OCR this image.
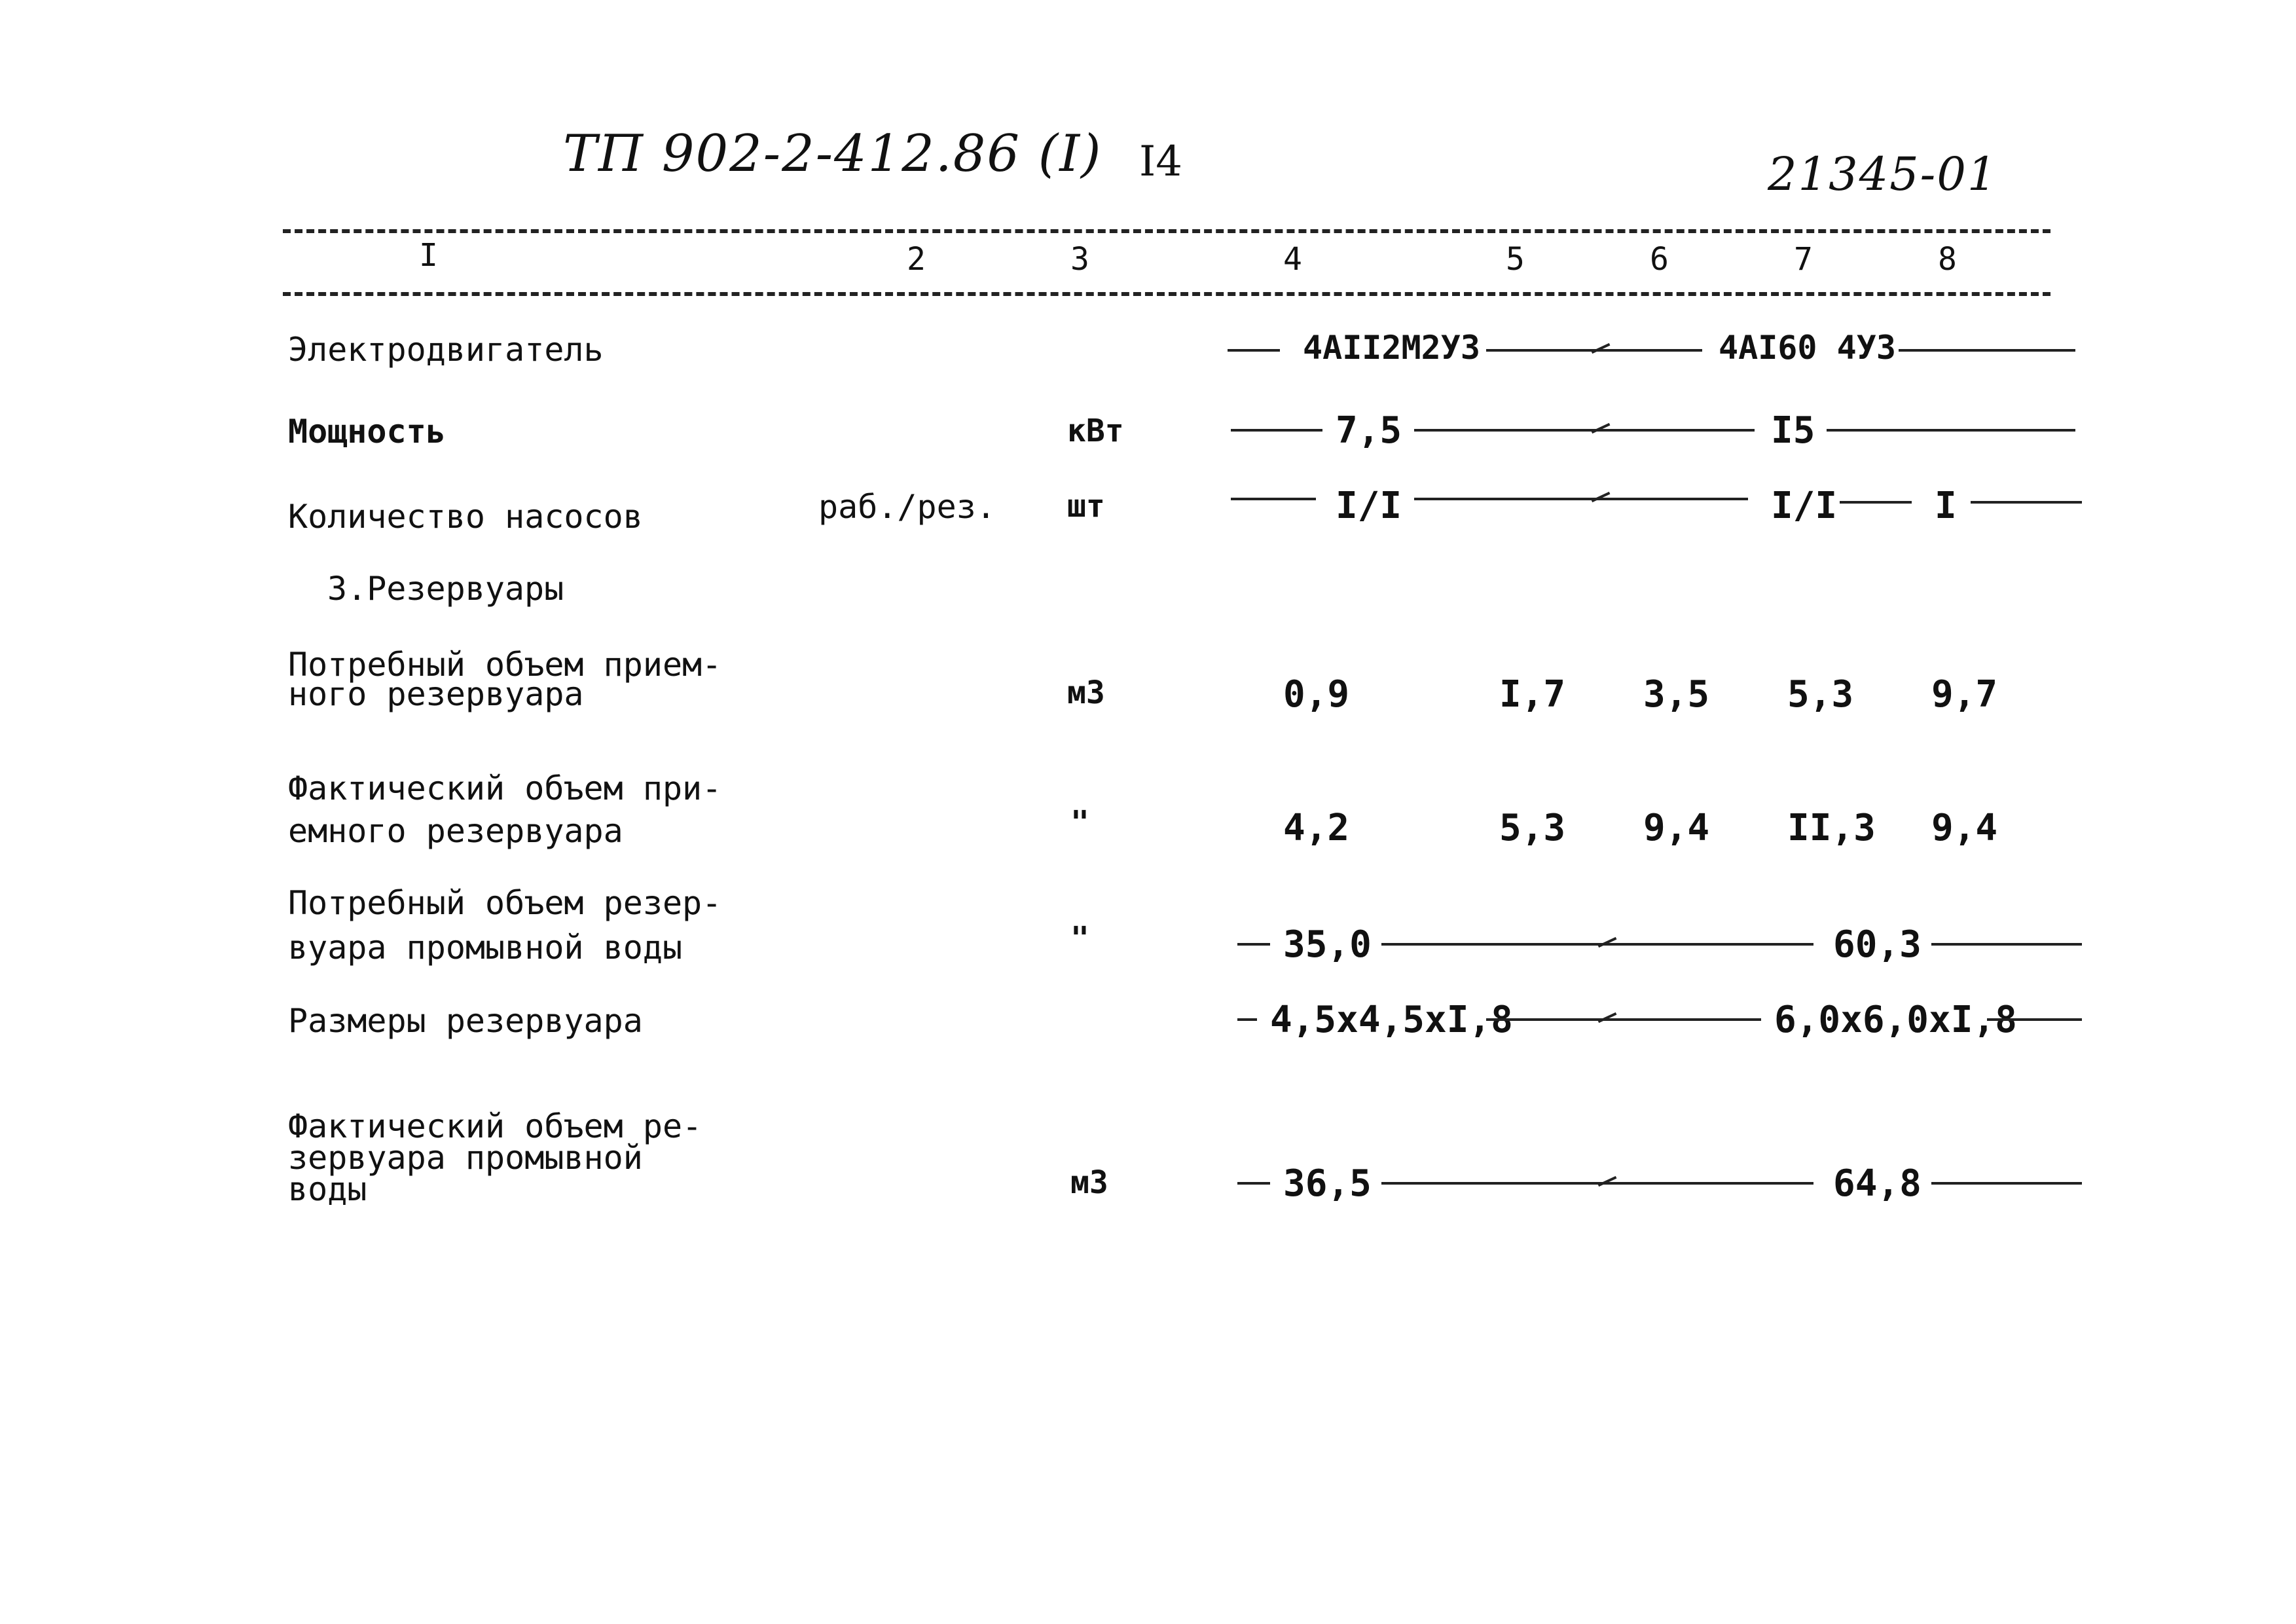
ТП 902-2-412.86 (I) I4	21345-01
I	2	3	4	5	6	7	8
Электродвигатель	4АII2М2УЗ	4АI60 4УЗ
Мощность	кВт	7,5	I5
Количество насосов	раб./рез. шт	I/I	I/I	I
3.Резервуары
Потребный объем прием-
ного резервуара	м3	0,9	I,7 3,5 5,3 9,7
Фактический объем при-
емного резервуара	"	4,2	5,3 9,4 II,3 9,4
Потребный объем резер-
вуара промывной воды	"	35,0	60,3
Размеры резервуара	4,5x4,5xI,8	6,0x6,0xI,8
Фактический объем ре-
зервуара промывной
воды	м3	36,5	64,8
